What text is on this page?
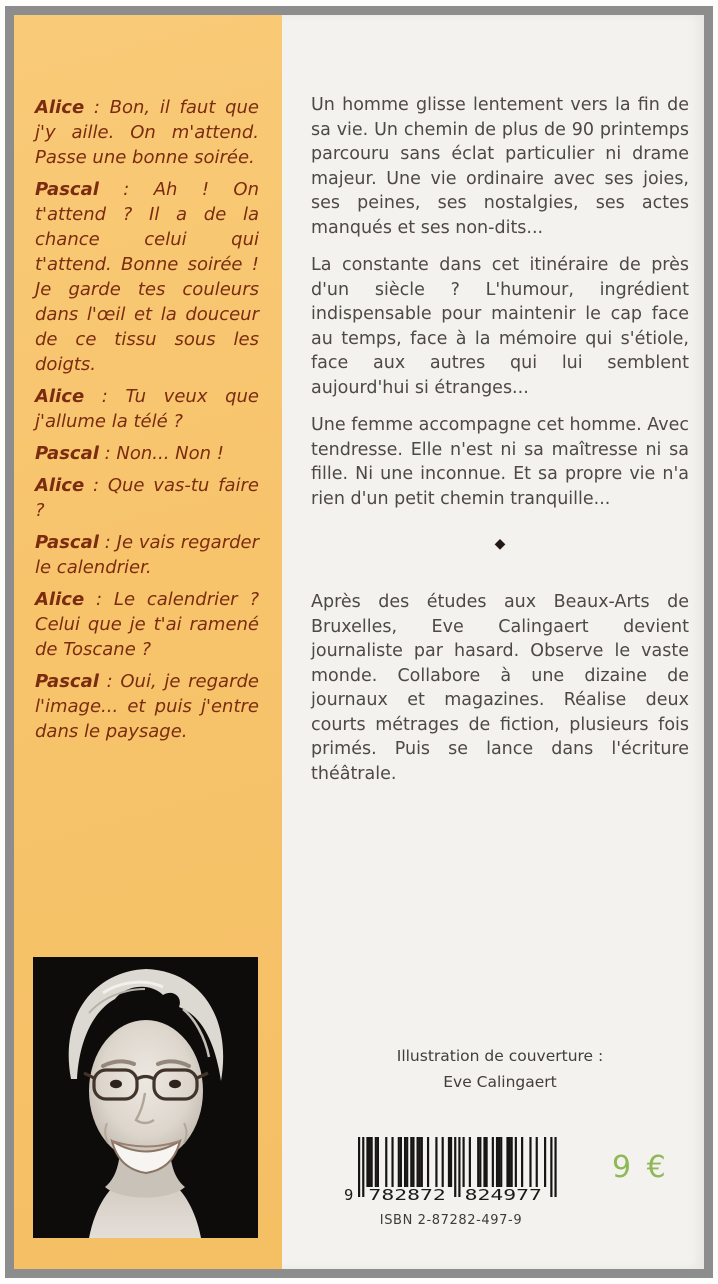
Alice : Bon, il faut que j'y aille. On m'attend. Passe une bonne soirée.

Pascal : Ah ! On t'attend ? Il a de la chance celui qui t'attend. Bonne soirée ! Je garde tes couleurs dans l'œil et la douceur de ce tissu sous les doigts.

Alice : Tu veux que j'allume la télé ?

Pascal : Non... Non !

Alice : Que vas-tu faire ?

Pascal : Je vais regarder le calendrier.

Alice : Le calendrier ? Celui que je t'ai ramené de Toscane ?

Pascal : Oui, je regarde l'image... et puis j'entre dans le paysage.

Un homme glisse lentement vers la fin de sa vie. Un chemin de plus de 90 printemps parcouru sans éclat particulier ni drame majeur. Une vie ordinaire avec ses joies, ses peines, ses nostalgies, ses actes manqués et ses non-dits...

La constante dans cet itinéraire de près d'un siècle ? L'humour, ingrédient indispensable pour maintenir le cap face au temps, face à la mémoire qui s'étiole, face aux autres qui lui semblent aujourd'hui si étranges...

Une femme accompagne cet homme. Avec tendresse. Elle n'est ni sa maîtresse ni sa fille. Ni une inconnue. Et sa propre vie n'a rien d'un petit chemin tranquille...

◆

Après des études aux Beaux-Arts de Bruxelles, Eve Calingaert devient journaliste par hasard. Observe le vaste monde. Collabore à une dizaine de journaux et magazines. Réalise deux courts métrages de fiction, plusieurs fois primés. Puis se lance dans l'écriture théâtrale.

Illustration de couverture :
Eve Calingaert
9 782872 824977
ISBN 2-87282-497-9
9 €
